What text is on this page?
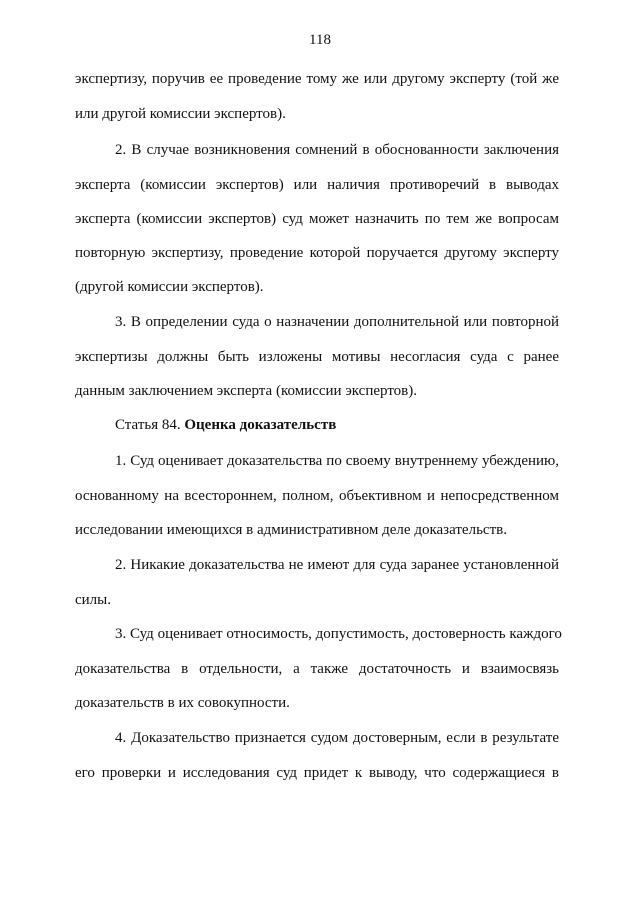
118
экспертизу, поручив ее проведение тому же или другому эксперту (той же
или другой комиссии экспертов).
2. В случае возникновения сомнений в обоснованности заключения
эксперта (комиссии экспертов) или наличия противоречий в выводах
эксперта (комиссии экспертов) суд может назначить по тем же вопросам
повторную экспертизу, проведение которой поручается другому эксперту
(другой комиссии экспертов).
3. В определении суда о назначении дополнительной или повторной
экспертизы должны быть изложены мотивы несогласия суда с ранее
данным заключением эксперта (комиссии экспертов).
Статья 84. Оценка доказательств
1. Суд оценивает доказательства по своему внутреннему убеждению,
основанному на всестороннем, полном, объективном и непосредственном
исследовании имеющихся в административном деле доказательств.
2. Никакие доказательства не имеют для суда заранее установленной
силы.
3. Суд оценивает относимость, допустимость, достоверность каждого
доказательства в отдельности, а также достаточность и взаимосвязь
доказательств в их совокупности.
4. Доказательство признается судом достоверным, если в результате
его проверки и исследования суд придет к выводу, что содержащиеся в
